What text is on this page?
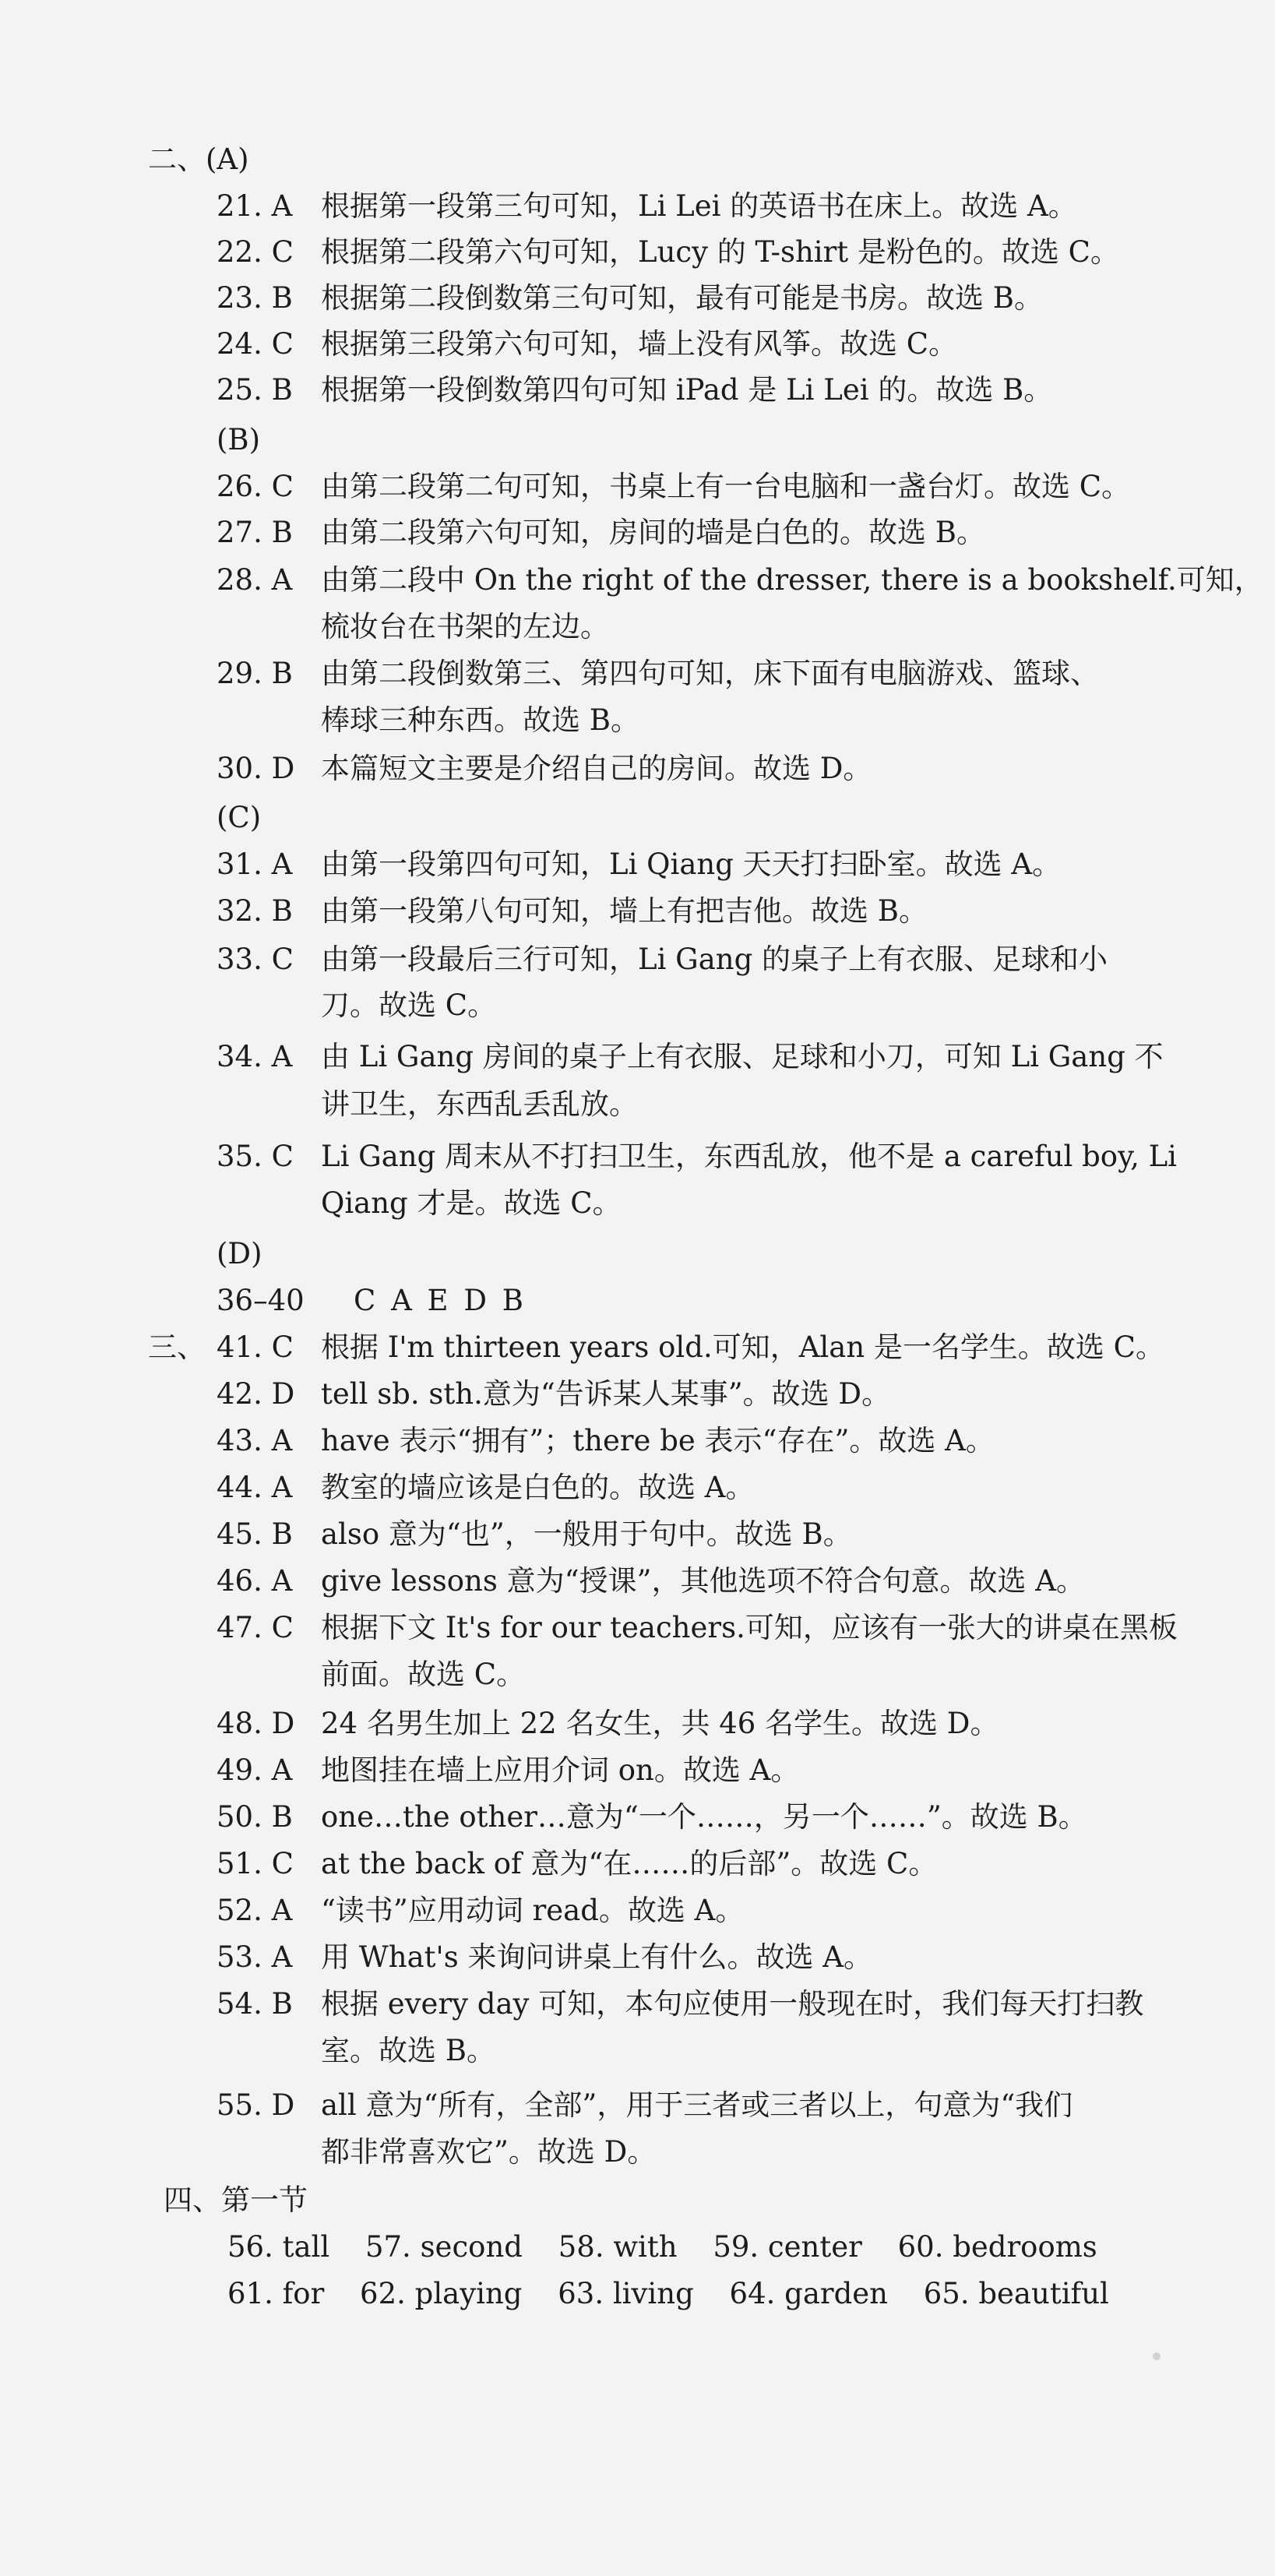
二、(A)
21. A 根据第一段第三句可知，Li Lei 的英语书在床上。故选 A。
22. C 根据第二段第六句可知，Lucy 的 T-shirt 是粉色的。故选 C。
23. B 根据第二段倒数第三句可知，最有可能是书房。故选 B。
24. C 根据第三段第六句可知，墙上没有风筝。故选 C。
25. B 根据第一段倒数第四句可知 iPad 是 Li Lei 的。故选 B。
(B)
26. C 由第二段第二句可知，书桌上有一台电脑和一盏台灯。故选 C。
27. B 由第二段第六句可知，房间的墙是白色的。故选 B。
28. A 由第二段中 On the right of the dresser, there is a bookshelf.可知，
梳妆台在书架的左边。
29. B 由第二段倒数第三、第四句可知，床下面有电脑游戏、篮球、
棒球三种东西。故选 B。
30. D 本篇短文主要是介绍自己的房间。故选 D。
(C)
31. A 由第一段第四句可知，Li Qiang 天天打扫卧室。故选 A。
32. B 由第一段第八句可知，墙上有把吉他。故选 B。
33. C 由第一段最后三行可知，Li Gang 的桌子上有衣服、足球和小
刀。故选 C。
34. A 由 Li Gang 房间的桌子上有衣服、足球和小刀，可知 Li Gang 不
讲卫生，东西乱丢乱放。
35. C Li Gang 周末从不打扫卫生，东西乱放，他不是 a careful boy, Li
Qiang 才是。故选 C。
(D)
36–40	C A E D B
三、 41. C 根据 I'm thirteen years old.可知，Alan 是一名学生。故选 C。
42. D tell sb. sth.意为“告诉某人某事”。故选 D。
43. A have 表示“拥有”；there be 表示“存在”。故选 A。
44. A 教室的墙应该是白色的。故选 A。
45. B also 意为“也”，一般用于句中。故选 B。
46. A give lessons 意为“授课”，其他选项不符合句意。故选 A。
47. C 根据下文 It's for our teachers.可知，应该有一张大的讲桌在黑板
前面。故选 C。
48. D 24 名男生加上 22 名女生，共 46 名学生。故选 D。
49. A 地图挂在墙上应用介词 on。故选 A。
50. B one…the other…意为“一个……，另一个……”。故选 B。
51. C at the back of 意为“在……的后部”。故选 C。
52. A “读书”应用动词 read。故选 A。
53. A 用 What's 来询问讲桌上有什么。故选 A。
54. B 根据 every day 可知，本句应使用一般现在时，我们每天打扫教
室。故选 B。
55. D all 意为“所有，全部”，用于三者或三者以上，句意为“我们
都非常喜欢它”。故选 D。
四、第一节
56. tall 57. second 58. with 59. center 60. bedrooms
61. for 62. playing 63. living 64. garden 65. beautiful
